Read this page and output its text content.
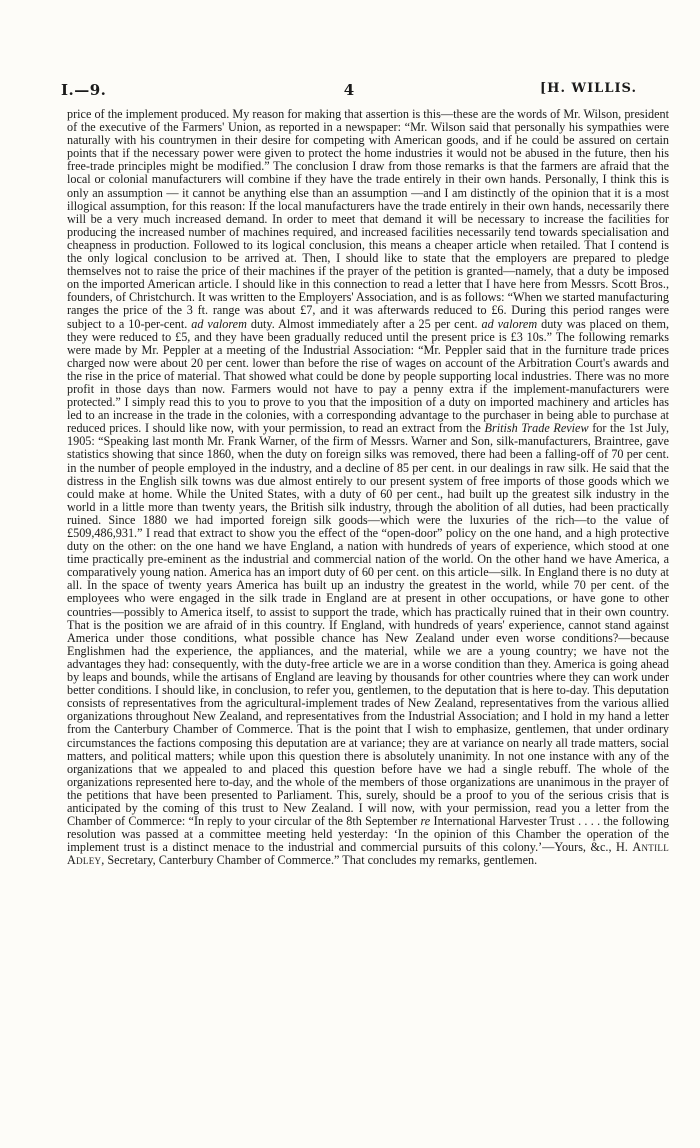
I.—9.	4	[H. WILLIS.

price of the implement produced. My reason for making that assertion is this—these are the words of Mr. Wilson, president of the executive of the Farmers' Union, as reported in a newspaper: “Mr. Wilson said that personally his sympathies were naturally with his countrymen in their desire for competing with American goods, and if he could be assured on certain points that if the necessary power were given to protect the home industries it would not be abused in the future, then his free-trade principles might be modified.” The conclusion I draw from those remarks is that the farmers are afraid that the local or colonial manufacturers will combine if they have the trade entirely in their own hands. Personally, I think this is only an assumption — it cannot be anything else than an assumption —and I am distinctly of the opinion that it is a most illogical assumption, for this reason: If the local manufacturers have the trade entirely in their own hands, necessarily there will be a very much increased demand. In order to meet that demand it will be necessary to increase the facilities for producing the increased number of machines required, and increased facilities necessarily tend towards specialisation and cheapness in production. Followed to its logical conclusion, this means a cheaper article when retailed. That I contend is the only logical conclusion to be arrived at. Then, I should like to state that the employers are prepared to pledge themselves not to raise the price of their machines if the prayer of the petition is granted—namely, that a duty be imposed on the imported American article. I should like in this connection to read a letter that I have here from Messrs. Scott Bros., founders, of Christchurch. It was written to the Employers' Association, and is as follows: “When we started manufacturing ranges the price of the 3 ft. range was about £7, and it was afterwards reduced to £6. During this period ranges were subject to a 10-per-cent. ad valorem duty. Almost immediately after a 25 per cent. ad valorem duty was placed on them, they were reduced to £5, and they have been gradually reduced until the present price is £3 10s.” The following remarks were made by Mr. Peppler at a meeting of the Industrial Association: “Mr. Peppler said that in the furniture trade prices charged now were about 20 per cent. lower than before the rise of wages on account of the Arbitration Court's awards and the rise in the price of material. That showed what could be done by people supporting local industries. There was no more profit in those days than now. Farmers would not have to pay a penny extra if the implement-manufacturers were protected.” I simply read this to you to prove to you that the imposition of a duty on imported machinery and articles has led to an increase in the trade in the colonies, with a corresponding advantage to the purchaser in being able to purchase at reduced prices. I should like now, with your permission, to read an extract from the British Trade Review for the 1st July, 1905: “Speaking last month Mr. Frank Warner, of the firm of Messrs. Warner and Son, silk-manufacturers, Braintree, gave statistics showing that since 1860, when the duty on foreign silks was removed, there had been a falling-off of 70 per cent. in the number of people employed in the industry, and a decline of 85 per cent. in our dealings in raw silk. He said that the distress in the English silk towns was due almost entirely to our present system of free imports of those goods which we could make at home. While the United States, with a duty of 60 per cent., had built up the greatest silk industry in the world in a little more than twenty years, the British silk industry, through the abolition of all duties, had been practically ruined. Since 1880 we had imported foreign silk goods—which were the luxuries of the rich—to the value of £509,486,931.” I read that extract to show you the effect of the “open-door” policy on the one hand, and a high protective duty on the other: on the one hand we have England, a nation with hundreds of years of experience, which stood at one time practically pre-eminent as the industrial and commercial nation of the world. On the other hand we have America, a comparatively young nation. America has an import duty of 60 per cent. on this article—silk. In England there is no duty at all. In the space of twenty years America has built up an industry the greatest in the world, while 70 per cent. of the employees who were engaged in the silk trade in England are at present in other occupations, or have gone to other countries—possibly to America itself, to assist to support the trade, which has practically ruined that in their own country. That is the position we are afraid of in this country. If England, with hundreds of years' experience, cannot stand against America under those conditions, what possible chance has New Zealand under even worse conditions?—because Englishmen had the experience, the appliances, and the material, while we are a young country; we have not the advantages they had: consequently, with the duty-free article we are in a worse condition than they. America is going ahead by leaps and bounds, while the artisans of England are leaving by thousands for other countries where they can work under better conditions. I should like, in conclusion, to refer you, gentlemen, to the deputation that is here to-day. This deputation consists of representatives from the agricultural-implement trades of New Zealand, representatives from the various allied organizations throughout New Zealand, and representatives from the Industrial Association; and I hold in my hand a letter from the Canterbury Chamber of Commerce. That is the point that I wish to emphasize, gentlemen, that under ordinary circumstances the factions composing this deputation are at variance; they are at variance on nearly all trade matters, social matters, and political matters; while upon this question there is absolutely unanimity. In not one instance with any of the organizations that we appealed to and placed this question before have we had a single rebuff. The whole of the organizations represented here to-day, and the whole of the members of those organizations are unanimous in the prayer of the petitions that have been presented to Parliament. This, surely, should be a proof to you of the serious crisis that is anticipated by the coming of this trust to New Zealand. I will now, with your permission, read you a letter from the Chamber of Commerce: “In reply to your circular of the 8th September re International Harvester Trust . . . . the following resolution was passed at a committee meeting held yesterday: ‘In the opinion of this Chamber the operation of the implement trust is a distinct menace to the industrial and commercial pursuits of this colony.’—Yours, &c., H. Antill Adley, Secretary, Canterbury Chamber of Commerce.” That concludes my remarks, gentlemen.
